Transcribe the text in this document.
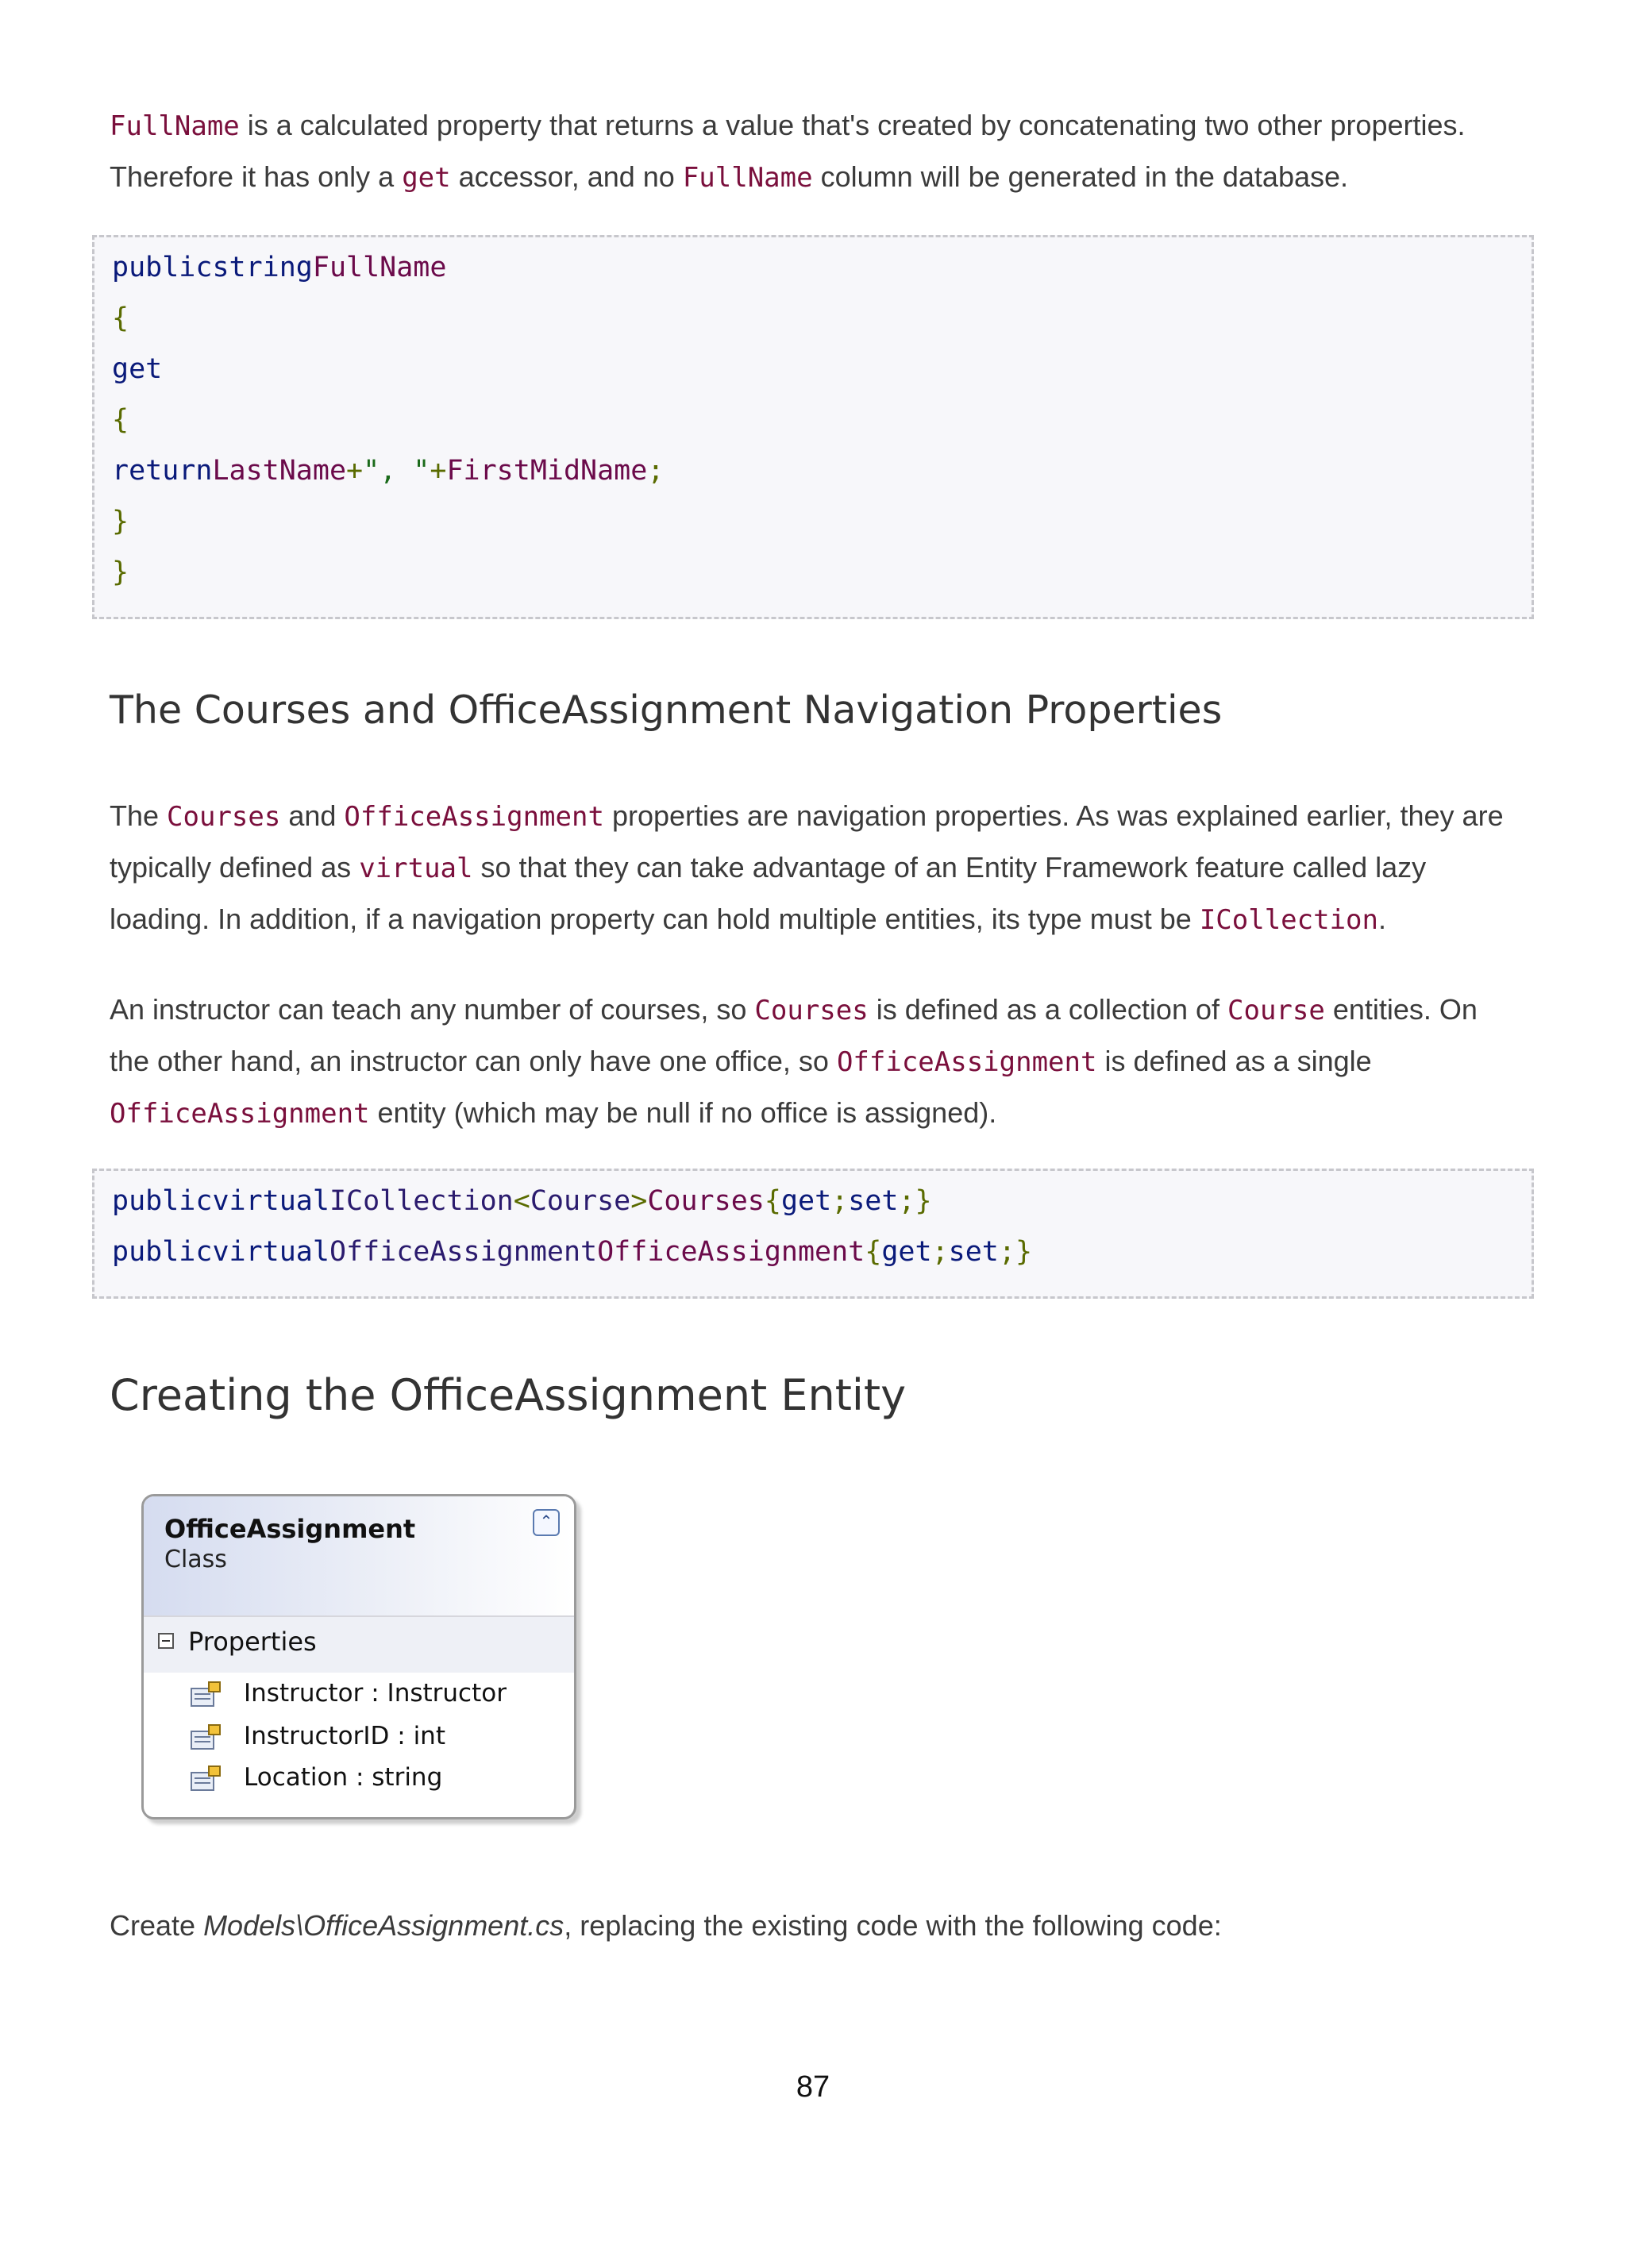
FullName is a calculated property that returns a value that's created by concatenating two other properties. Therefore it has only a get accessor, and no FullName column will be generated in the database.

publicstringFullName
{
get
{
returnLastName+", "+FirstMidName;
}
}
The Courses and OfficeAssignment Navigation Properties

The Courses and OfficeAssignment properties are navigation properties. As was explained earlier, they are typically defined as virtual so that they can take advantage of an Entity Framework feature called lazy loading. In addition, if a navigation property can hold multiple entities, its type must be ICollection.

An instructor can teach any number of courses, so Courses is defined as a collection of Course entities. On the other hand, an instructor can only have one office, so OfficeAssignment is defined as a single OfficeAssignment entity (which may be null if no office is assigned).

publicvirtualICollection<Course>Courses{get;set;}
publicvirtualOfficeAssignmentOfficeAssignment{get;set;}
Creating the OfficeAssignment Entity
OfficeAssignment
Class
⌃
Properties
Instructor : Instructor
InstructorID : int
Location : string

Create Models\OfficeAssignment.cs, replacing the existing code with the following code:

87
